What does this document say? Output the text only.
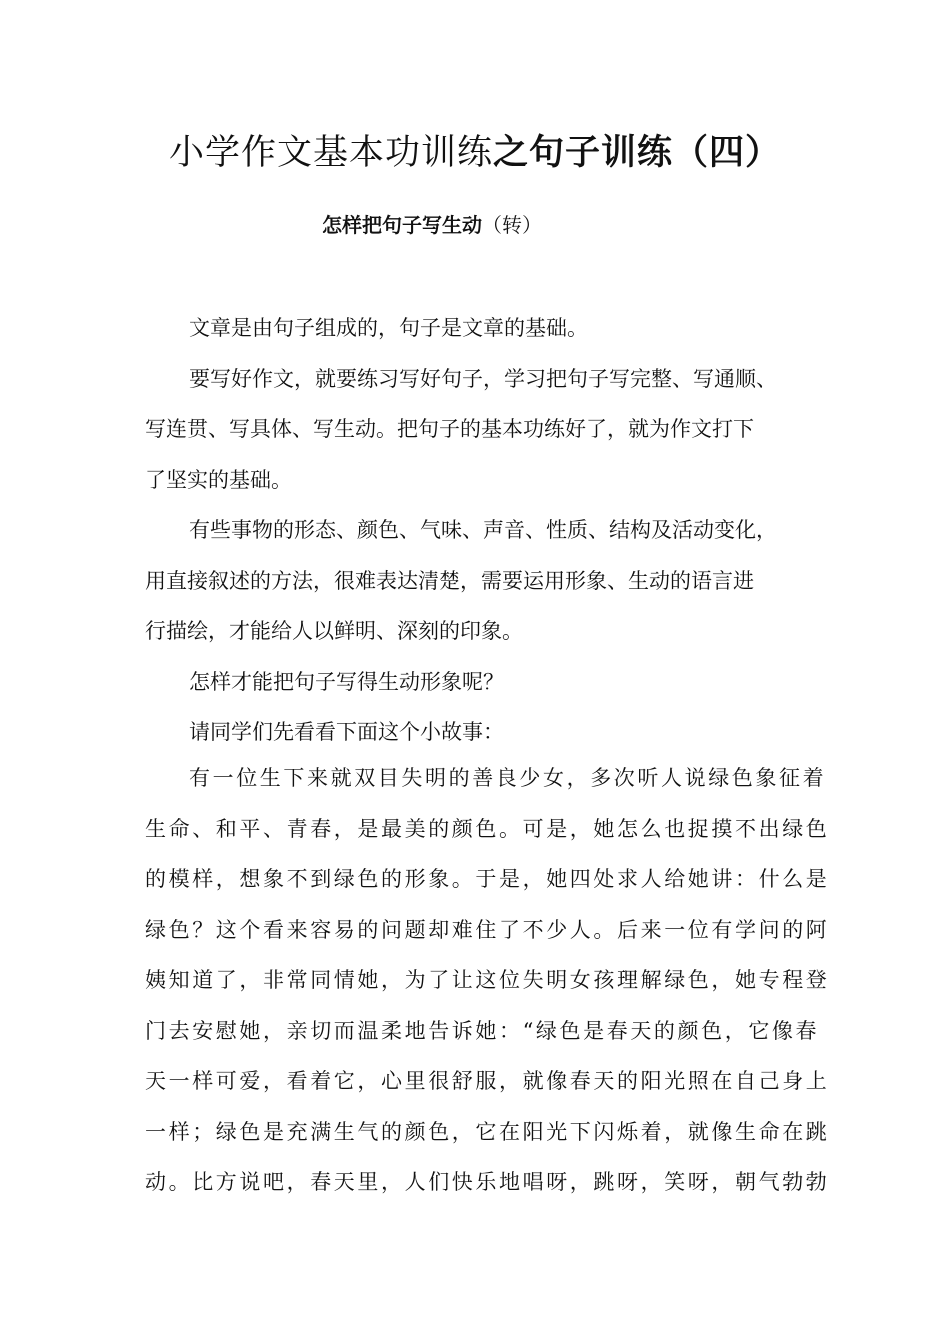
小学作文基本功训练之句子训练（四）
怎样把句子写生动（转）
文章是由句子组成的，句子是文章的基础。
要写好作文，就要练习写好句子，学习把句子写完整、写通顺、
写连贯、写具体、写生动。把句子的基本功练好了，就为作文打下
了坚实的基础。
有些事物的形态、颜色、气味、声音、性质、结构及活动变化，
用直接叙述的方法，很难表达清楚，需要运用形象、生动的语言进
行描绘，才能给人以鲜明、深刻的印象。
怎样才能把句子写得生动形象呢？
请同学们先看看下面这个小故事：
有一位生下来就双目失明的善良少女，多次听人说绿色象征着
生命、和平、青春，是最美的颜色。可是，她怎么也捉摸不出绿色
的模样，想象不到绿色的形象。于是，她四处求人给她讲：什么是
绿色？这个看来容易的问题却难住了不少人。后来一位有学问的阿
姨知道了，非常同情她，为了让这位失明女孩理解绿色，她专程登
门去安慰她，亲切而温柔地告诉她：“绿色是春天的颜色，它像春
天一样可爱，看着它，心里很舒服，就像春天的阳光照在自己身上
一样；绿色是充满生气的颜色，它在阳光下闪烁着，就像生命在跳
动。比方说吧，春天里，人们快乐地唱呀，跳呀，笑呀，朝气勃勃
